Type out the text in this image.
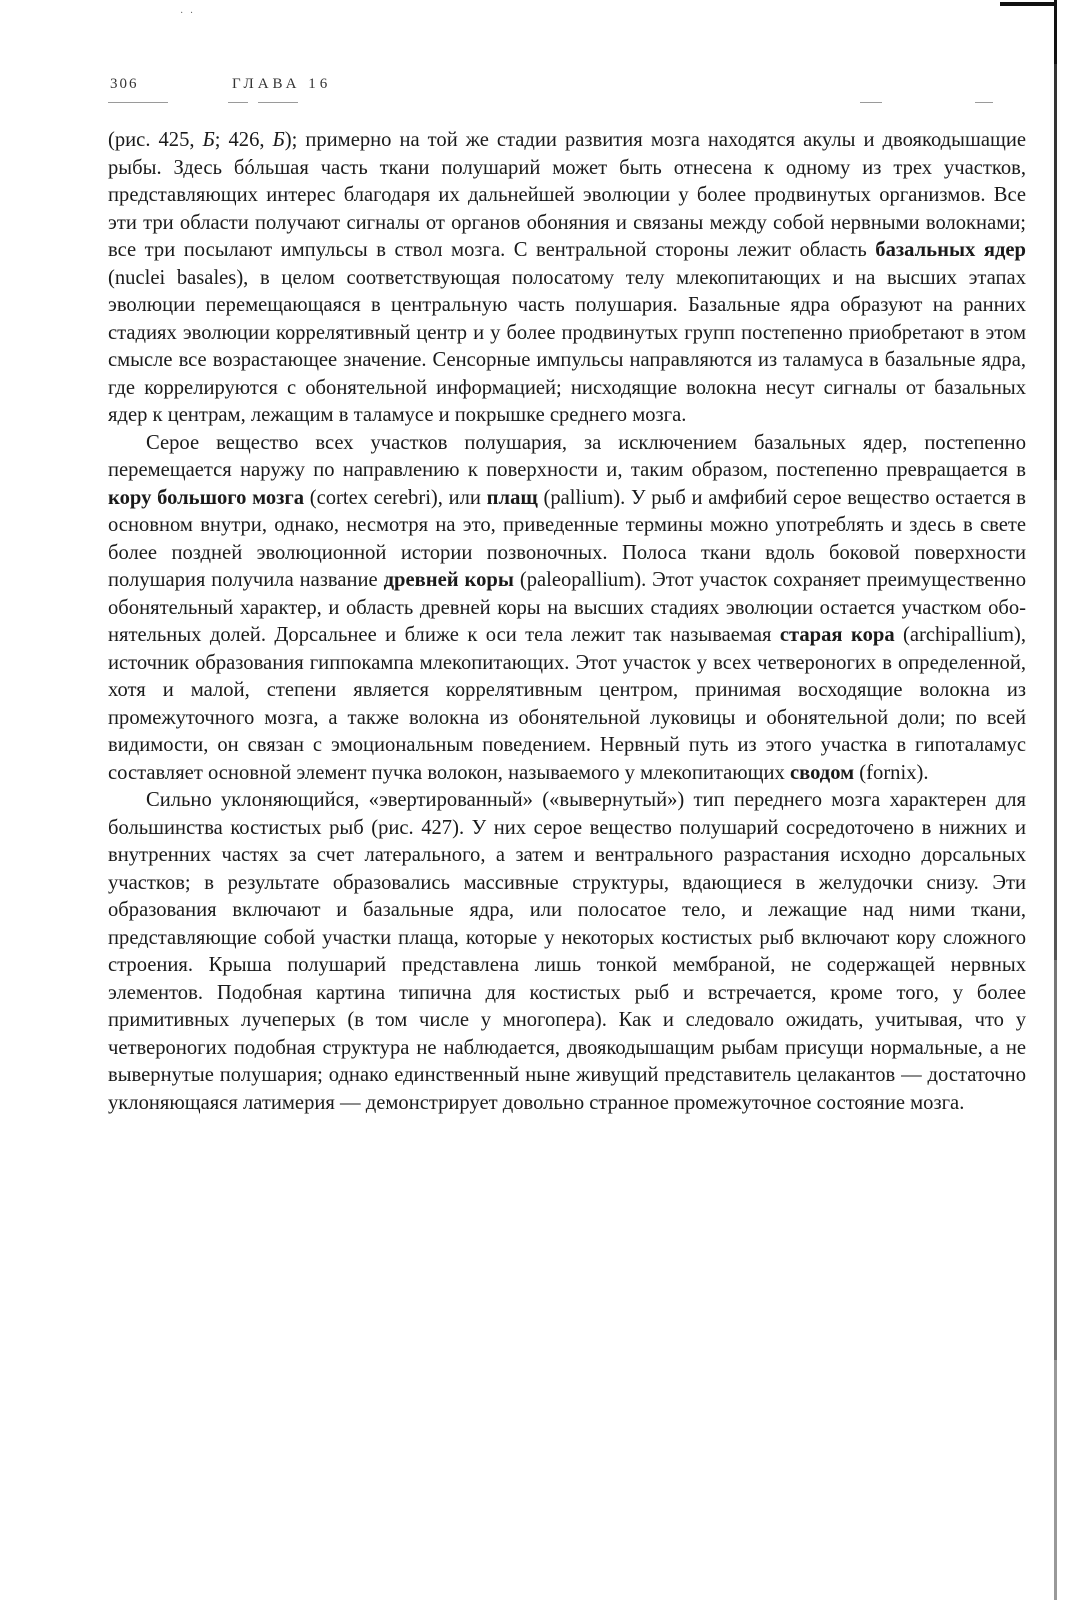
· ·
306	ГЛАВА 16

(рис. 425, Б; 426, Б); примерно на той же стадии развития мозга находятся акулы и двоякодышащие рыбы. Здесь бóльшая часть ткани полушарий может быть отнесена к одному из трех участков, представляющих интерес благодаря их дальнейшей эволюции у более продвинутых организмов. Все эти три области получают сигналы от органов обоняния и связаны между собой нервными волокнами; все три посылают импульсы в ствол мозга. С вентральной стороны лежит область базальных ядер (nuclei basales), в целом соответствующая полосатому телу млекопитающих и на высших этапах эволюции перемещающаяся в центральную часть полушария. Базальные ядра образуют на ранних стадиях эволюции коррелятивный центр и у более продвинутых групп постепенно приобретают в этом смысле все возрастающее значение. Сенсорные импульсы направляются из таламуса в базальные ядра, где коррелируются с обонятельной информацией; нисходящие волокна несут сигналы от базальных ядер к центрам, лежащим в таламусе и покрышке среднего мозга.

Серое вещество всех участков полушария, за исключением базальных ядер, постепенно перемещается наружу по направлению к поверхности и, таким образом, постепенно превращается в кору большого мозга (cortex cerebri), или плащ (pallium). У рыб и амфибий серое вещество остается в основном внутри, однако, несмотря на это, приведенные термины можно употреблять и здесь в свете более поздней эволюционной истории позвоночных. Полоса ткани вдоль боковой поверхности полушария получила название древней коры (paleopallium). Этот участок сохраняет преимущественно обонятельный характер, и область древней коры на высших стадиях эволюции остается участком обонятельных долей. Дорсальнее и ближе к оси тела лежит так называемая старая кора (archipallium), источник образования гиппокампа млекопитающих. Этот участок у всех четвероногих в определенной, хотя и малой, степени является коррелятивным центром, принимая восходящие волокна из промежуточного мозга, а также волокна из обонятельной луковицы и обонятельной доли; по всей видимости, он связан с эмоциональным поведением. Нервный путь из этого участка в гипоталамус составляет основной элемент пучка волокон, называемого у млекопитающих сводом (fornix).

Сильно уклоняющийся, «эвертированный» («вывернутый») тип переднего мозга характерен для большинства костистых рыб (рис. 427). У них серое вещество полушарий сосредоточено в нижних и внутренних частях за счет латерального, а затем и вентрального разрастания исходно дорсальных участков; в результате образовались массивные структуры, вдающиеся в желудочки снизу. Эти образования включают и базальные ядра, или полосатое тело, и лежащие над ними ткани, представляющие собой участки плаща, которые у некоторых костистых рыб включают кору сложного строения. Крыша полушарий представлена лишь тонкой мембраной, не содержащей нервных элементов. Подобная картина типична для костистых рыб и встречается, кроме того, у более примитивных лучеперых (в том числе у многопера). Как и следовало ожидать, учитывая, что у четвероногих подобная структура не наблюдается, двоякодышащим рыбам присущи нормальные, а не вывернутые полушария; однако единственный ныне живущий представитель целакантов — достаточно уклоняющаяся латимерия — демонстрирует довольно странное промежуточное состояние мозга.
